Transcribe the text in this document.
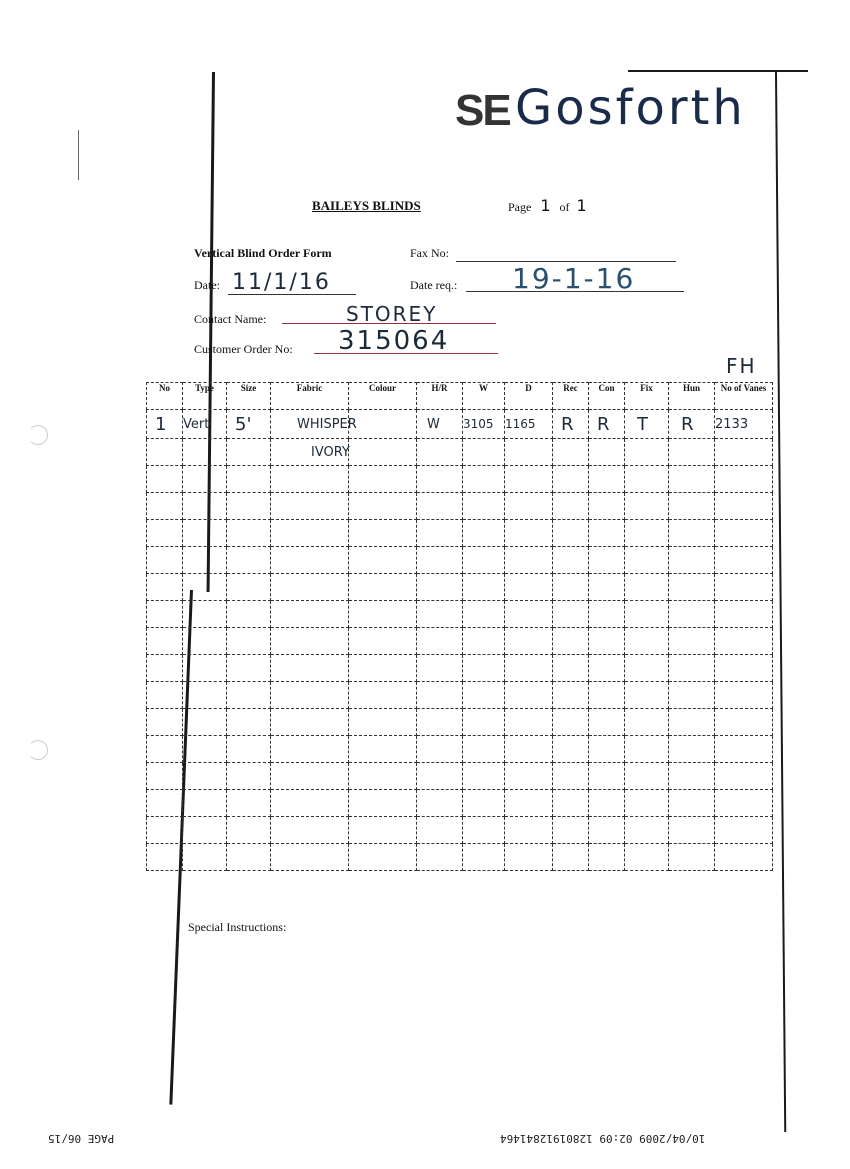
SE Gosforth
BAILEYS BLINDS	Page 1 of 1
Vertical Blind Order Form	Fax No:
Date: 11/1/16	Date req.: 19-1-16
Contact Name:	STOREY
Customer Order No: 315064
FH
No	Type	Size	Fabric	Colour	H/R	W	D	Rec	Con	Fix	Hun	No of Vanes
1	Vert	5'	WHISPER		W	3105	1165	R	R	T	R	2133
			IVORY									

Special Instructions:
PAGE 06/15	10/04/2009 02:09 12801912841464
